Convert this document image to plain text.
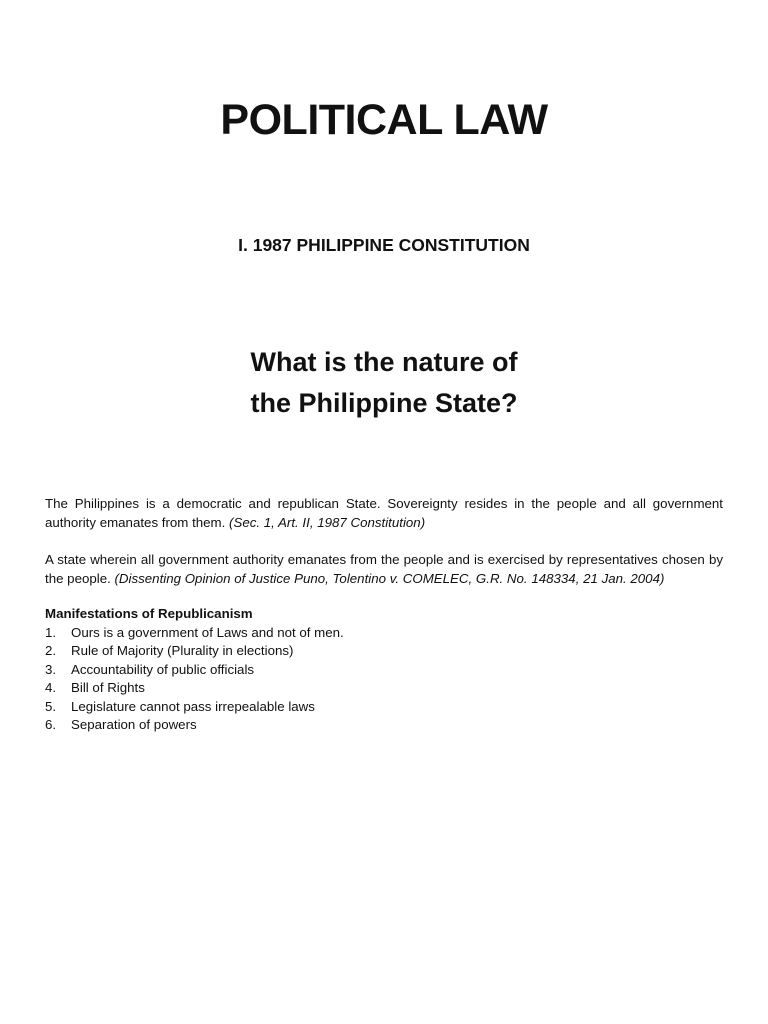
POLITICAL LAW
I. 1987 PHILIPPINE CONSTITUTION
What is the nature of
the Philippine State?

The Philippines is a democratic and republican State. Sovereignty resides in the people and all government authority emanates from them. (Sec. 1, Art. II, 1987 Constitution)

A state wherein all government authority emanates from the people and is exercised by representatives chosen by the people. (Dissenting Opinion of Justice Puno, Tolentino v. COMELEC, G.R. No. 148334, 21 Jan. 2004)

Manifestations of Republicanism

1. Ours is a government of Laws and not of men.
2. Rule of Majority (Plurality in elections)
3. Accountability of public officials
4. Bill of Rights
5. Legislature cannot pass irrepealable laws
6. Separation of powers
